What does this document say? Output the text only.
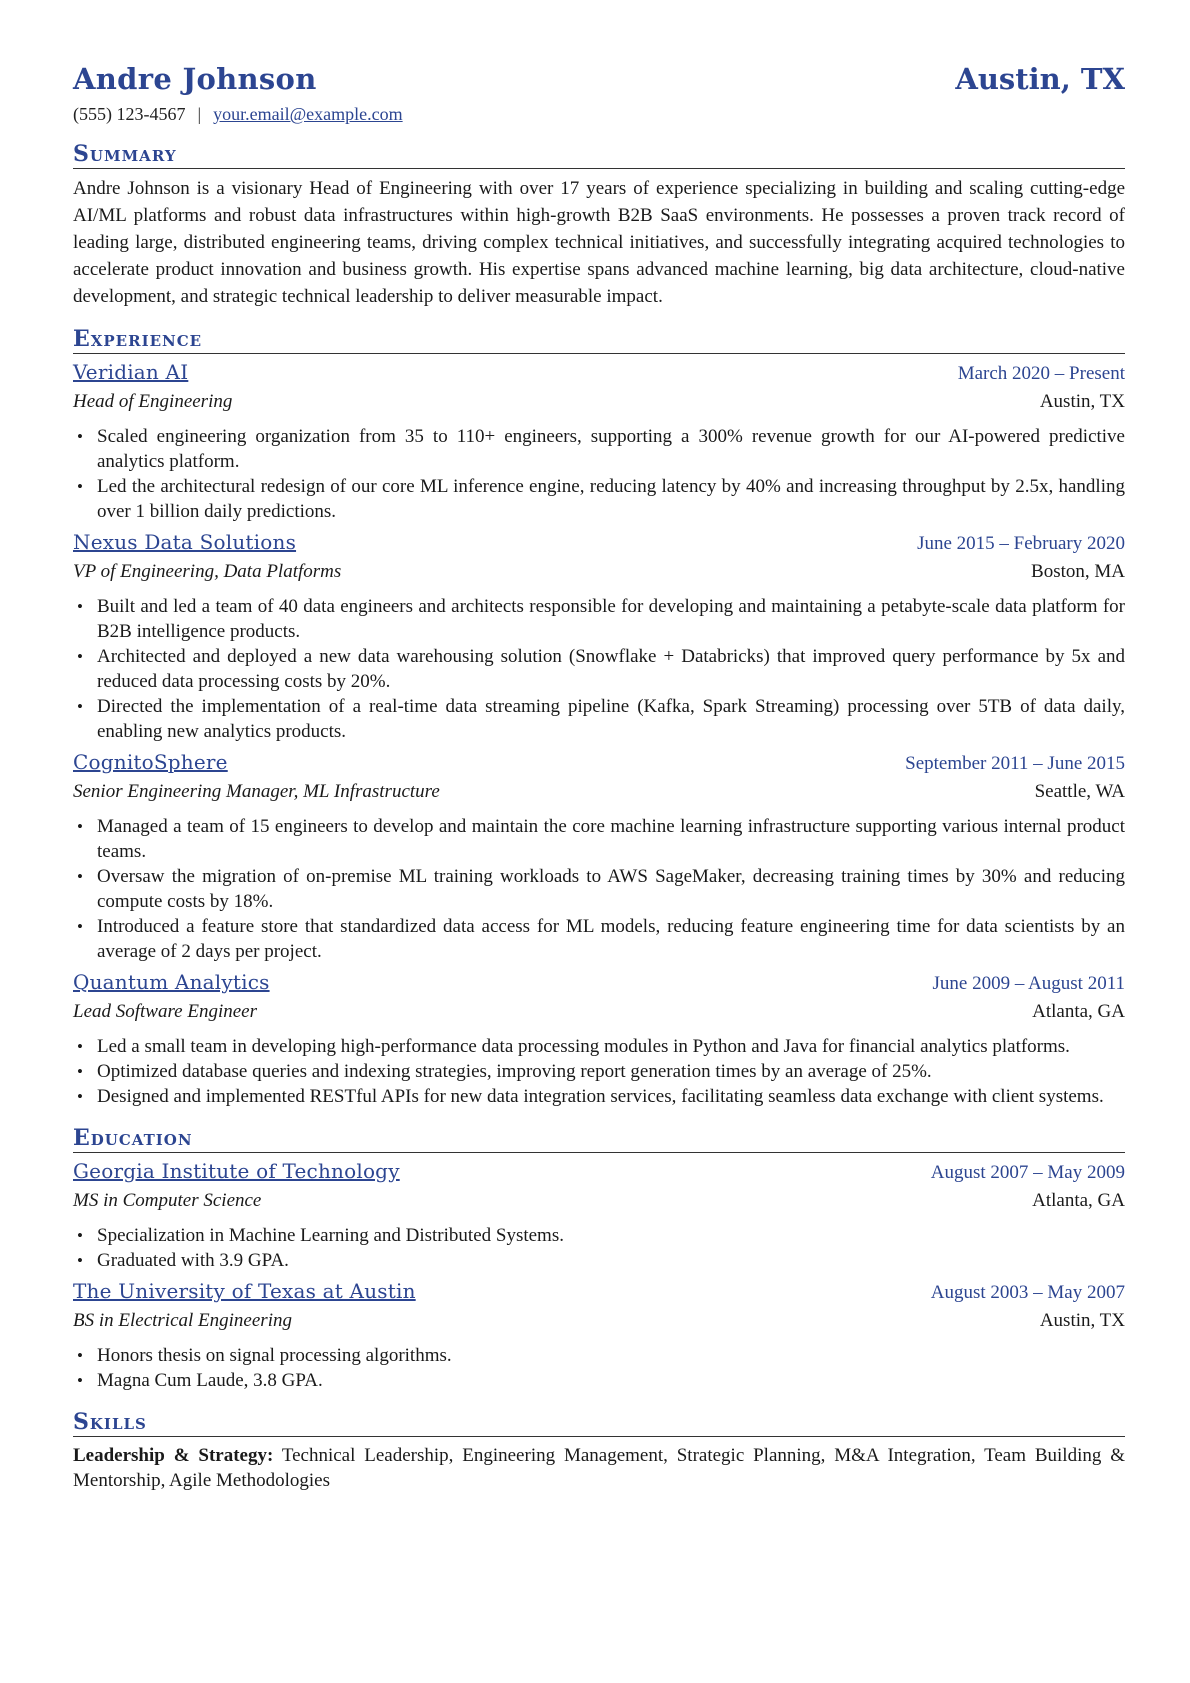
Andre Johnson	Austin, TX
(555) 123-4567 | your.email@example.com
Summary

Andre Johnson is a visionary Head of Engineering with over 17 years of experience specializing in building and scaling cutting-edge AI/ML platforms and robust data infrastructures within high-growth B2B SaaS environments. He possesses a proven track record of leading large, distributed engineering teams, driving complex technical initiatives, and successfully integrating acquired technologies to accelerate product innovation and business growth. His expertise spans advanced machine learning, big data architecture, cloud-native development, and strategic technical leadership to deliver measurable impact.

Experience
Veridian AI	March 2020 – Present
Head of Engineering	Austin, TX
• Scaled engineering organization from 35 to 110+ engineers, supporting a 300% revenue growth for our AI-powered predictive analytics platform.
• Led the architectural redesign of our core ML inference engine, reducing latency by 40% and increasing throughput by 2.5x, handling over 1 billion daily predictions.
Nexus Data Solutions	June 2015 – February 2020
VP of Engineering, Data Platforms	Boston, MA
• Built and led a team of 40 data engineers and architects responsible for developing and maintaining a petabyte-scale data platform for B2B intelligence products.
• Architected and deployed a new data warehousing solution (Snowflake + Databricks) that improved query performance by 5x and reduced data processing costs by 20%.
• Directed the implementation of a real-time data streaming pipeline (Kafka, Spark Streaming) processing over 5TB of data daily, enabling new analytics products.
CognitoSphere	September 2011 – June 2015
Senior Engineering Manager, ML Infrastructure	Seattle, WA
• Managed a team of 15 engineers to develop and maintain the core machine learning infrastructure supporting various internal product teams.
• Oversaw the migration of on-premise ML training workloads to AWS SageMaker, decreasing training times by 30% and reducing compute costs by 18%.
• Introduced a feature store that standardized data access for ML models, reducing feature engineering time for data scientists by an average of 2 days per project.
Quantum Analytics	June 2009 – August 2011
Lead Software Engineer	Atlanta, GA
• Led a small team in developing high-performance data processing modules in Python and Java for financial analytics platforms.
• Optimized database queries and indexing strategies, improving report generation times by an average of 25%.
• Designed and implemented RESTful APIs for new data integration services, facilitating seamless data exchange with client systems.
Education
Georgia Institute of Technology	August 2007 – May 2009
MS in Computer Science	Atlanta, GA
• Specialization in Machine Learning and Distributed Systems.
• Graduated with 3.9 GPA.
The University of Texas at Austin	August 2003 – May 2007
BS in Electrical Engineering	Austin, TX
• Honors thesis on signal processing algorithms.
• Magna Cum Laude, 3.8 GPA.
Skills

Leadership & Strategy: Technical Leadership, Engineering Management, Strategic Planning, M&A Integration, Team Building & Mentorship, Agile Methodologies
